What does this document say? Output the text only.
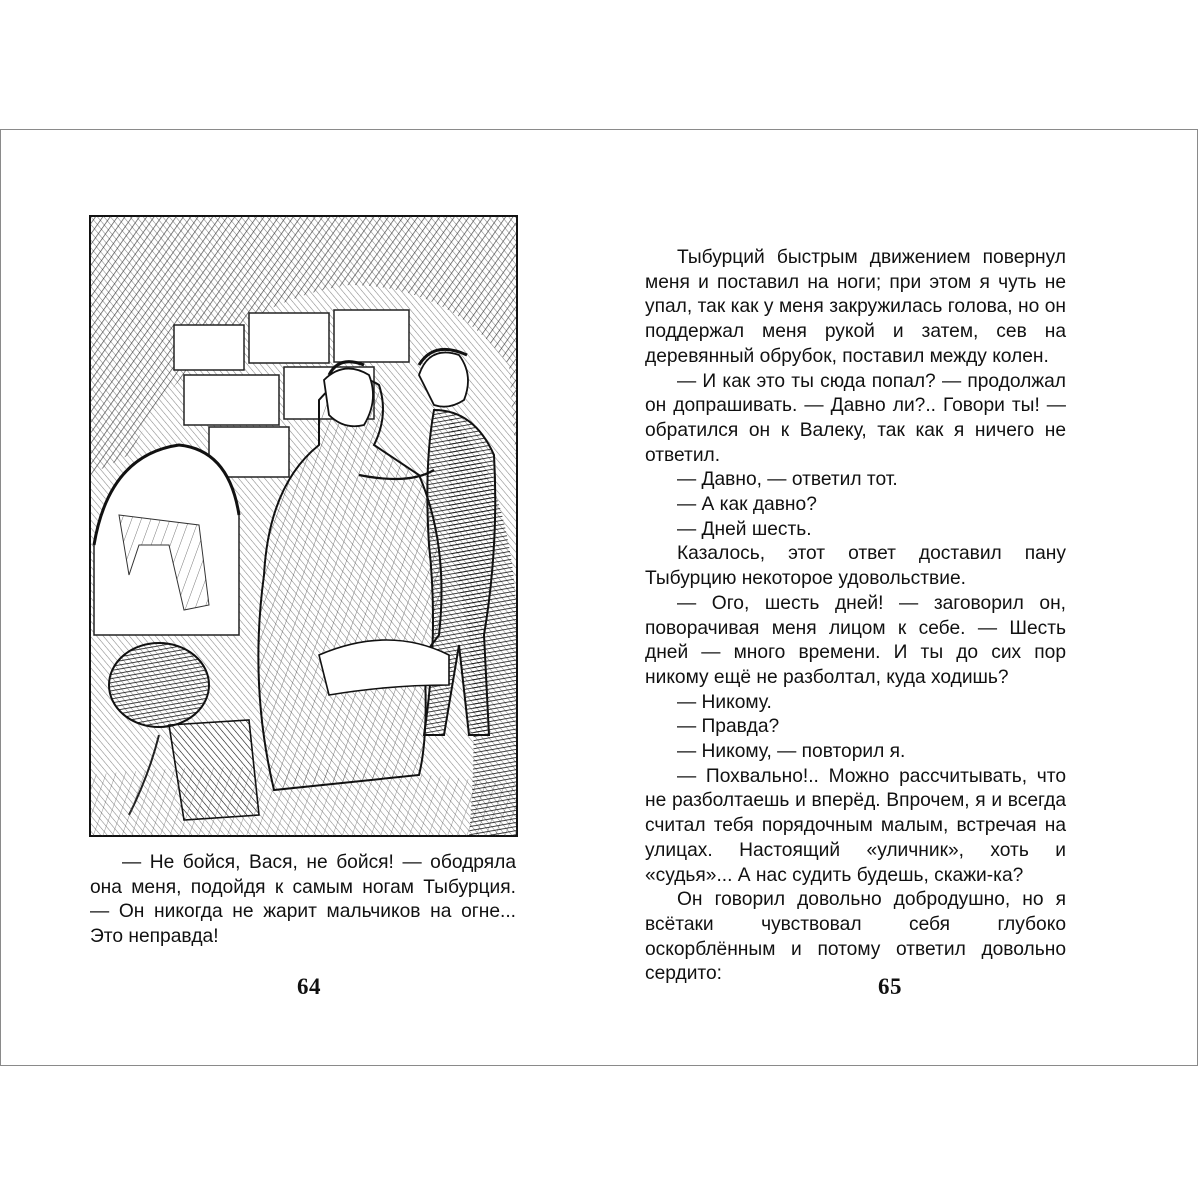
— Не бойся, Вася, не бойся! — ободряла она меня, подойдя к самым ногам Тыбурция. — Он никогда не жарит мальчиков на огне... Это неправда!

64

Тыбурций быстрым движением повернул меня и поставил на ноги; при этом я чуть не упал, так как у меня закружилась голова, но он поддержал меня рукой и затем, сев на деревянный обрубок, поставил между колен.

— И как это ты сюда попал? — продолжал он допрашивать. — Давно ли?.. Говори ты! — обратился он к Валеку, так как я ничего не ответил.

— Давно, — ответил тот.

— А как давно?

— Дней шесть.

Казалось, этот ответ доставил пану Тыбурцию некоторое удовольствие.

— Ого, шесть дней! — заговорил он, поворачивая меня лицом к себе. — Шесть дней — много времени. И ты до сих пор никому ещё не разболтал, куда ходишь?

— Никому.

— Правда?

— Никому, — повторил я.

— Похвально!.. Можно рассчитывать, что не разболтаешь и вперёд. Впрочем, я и всегда считал тебя порядочным малым, встречая на улицах. Настоящий «уличник», хоть и «судья»... А нас судить будешь, скажи-ка?

Он говорил довольно добродушно, но я всётаки чувствовал себя глубоко оскорблённым и потому ответил довольно сердито:

65
